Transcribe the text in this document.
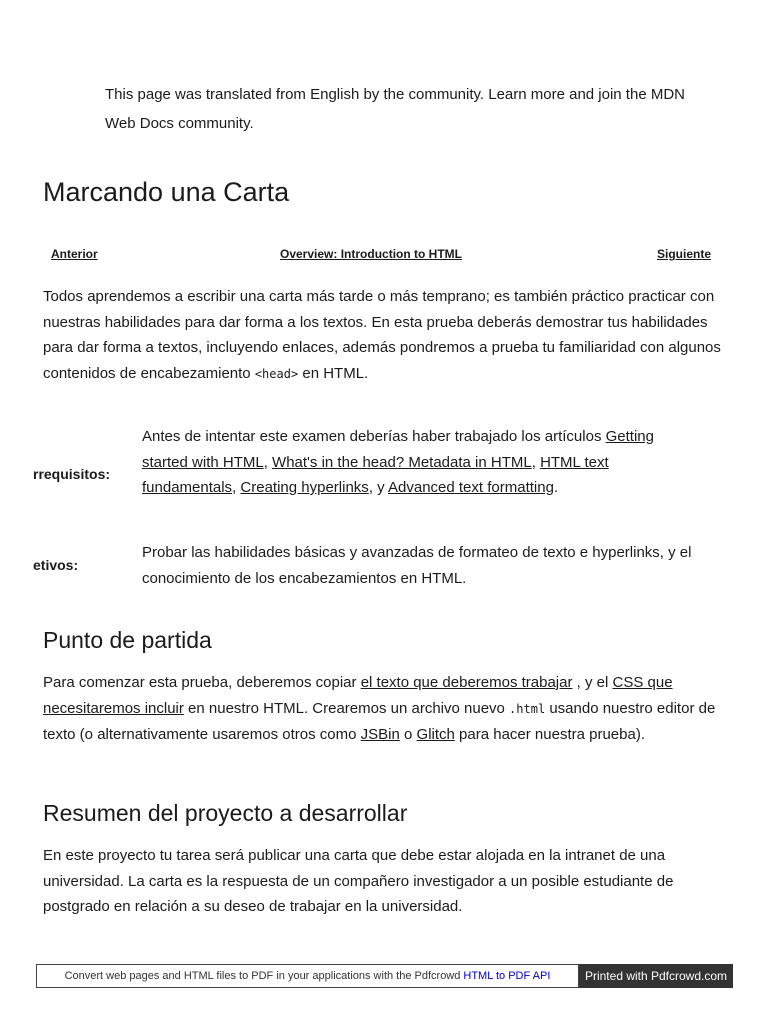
This page was translated from English by the community. Learn more and join the MDN Web Docs community.
Marcando una Carta
Anterior	Overview: Introduction to HTML	Siguiente

Todos aprendemos a escribir una carta más tarde o más temprano; es también práctico practicar con nuestras habilidades para dar forma a los textos. En esta prueba deberás demostrar tus habilidades para dar forma a textos, incluyendo enlaces, además pondremos a prueba tu familiaridad con algunos contenidos de encabezamiento <head> en HTML.

rrequisitos:
Antes de intentar este examen deberías haber trabajado los artículos Getting started with HTML, What's in the head? Metadata in HTML, HTML text fundamentals, Creating hyperlinks, y Advanced text formatting.
etivos:
Probar las habilidades básicas y avanzadas de formateo de texto e hyperlinks, y el conocimiento de los encabezamientos en HTML.
Punto de partida

Para comenzar esta prueba, deberemos copiar el texto que deberemos trabajar , y el CSS que necesitaremos incluir en nuestro HTML. Crearemos un archivo nuevo .html usando nuestro editor de texto (o alternativamente usaremos otros como JSBin o Glitch para hacer nuestra prueba).

Resumen del proyecto a desarrollar

En este proyecto tu tarea será publicar una carta que debe estar alojada en la intranet de una universidad. La carta es la respuesta de un compañero investigador a un posible estudiante de postgrado en relación a su deseo de trabajar en la universidad.

Convert web pages and HTML files to PDF in your applications with the Pdfcrowd HTML to PDF API	Printed with Pdfcrowd.com
